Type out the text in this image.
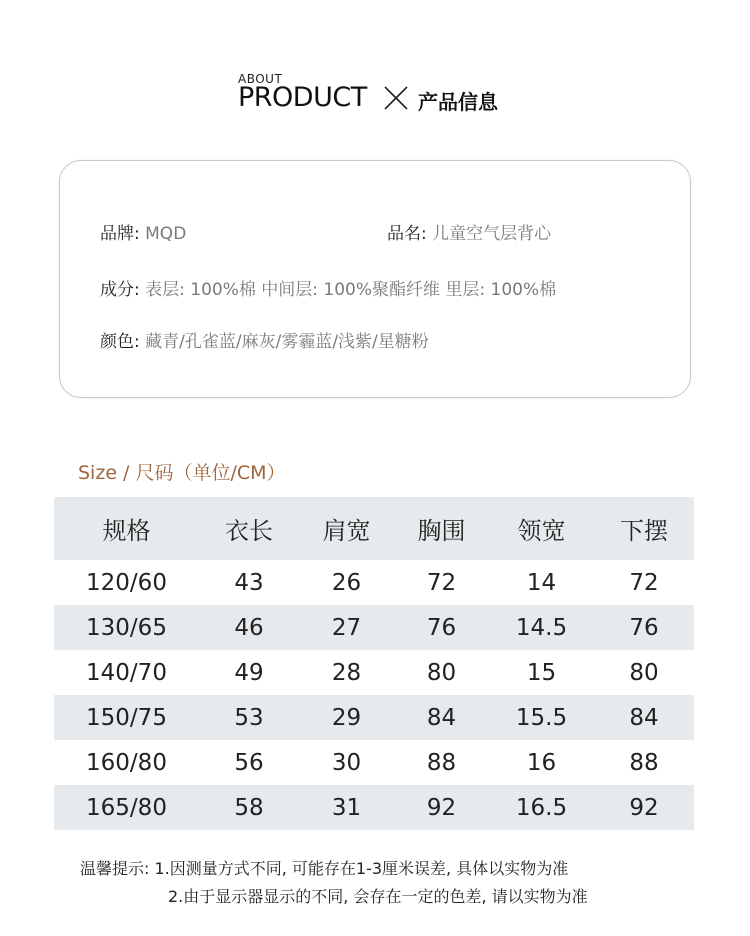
ABOUT
PRODUCT	产品信息
品牌: MQD	品名: 儿童空气层背心
成分: 表层: 100%棉 中间层: 100%聚酯纤维 里层: 100%棉
颜色: 藏青/孔雀蓝/麻灰/雾霾蓝/浅紫/星糖粉
Size / 尺码（单位/CM）
规格	衣长	肩宽	胸围	领宽	下摆
120/60	43	26	72	14	72
130/65	46	27	76	14.5	76
140/70	49	28	80	15	80
150/75	53	29	84	15.5	84
160/80	56	30	88	16	88
165/80	58	31	92	16.5	92
温馨提示: 1.因测量方式不同, 可能存在1-3厘米误差, 具体以实物为准
2.由于显示器显示的不同, 会存在一定的色差, 请以实物为准
